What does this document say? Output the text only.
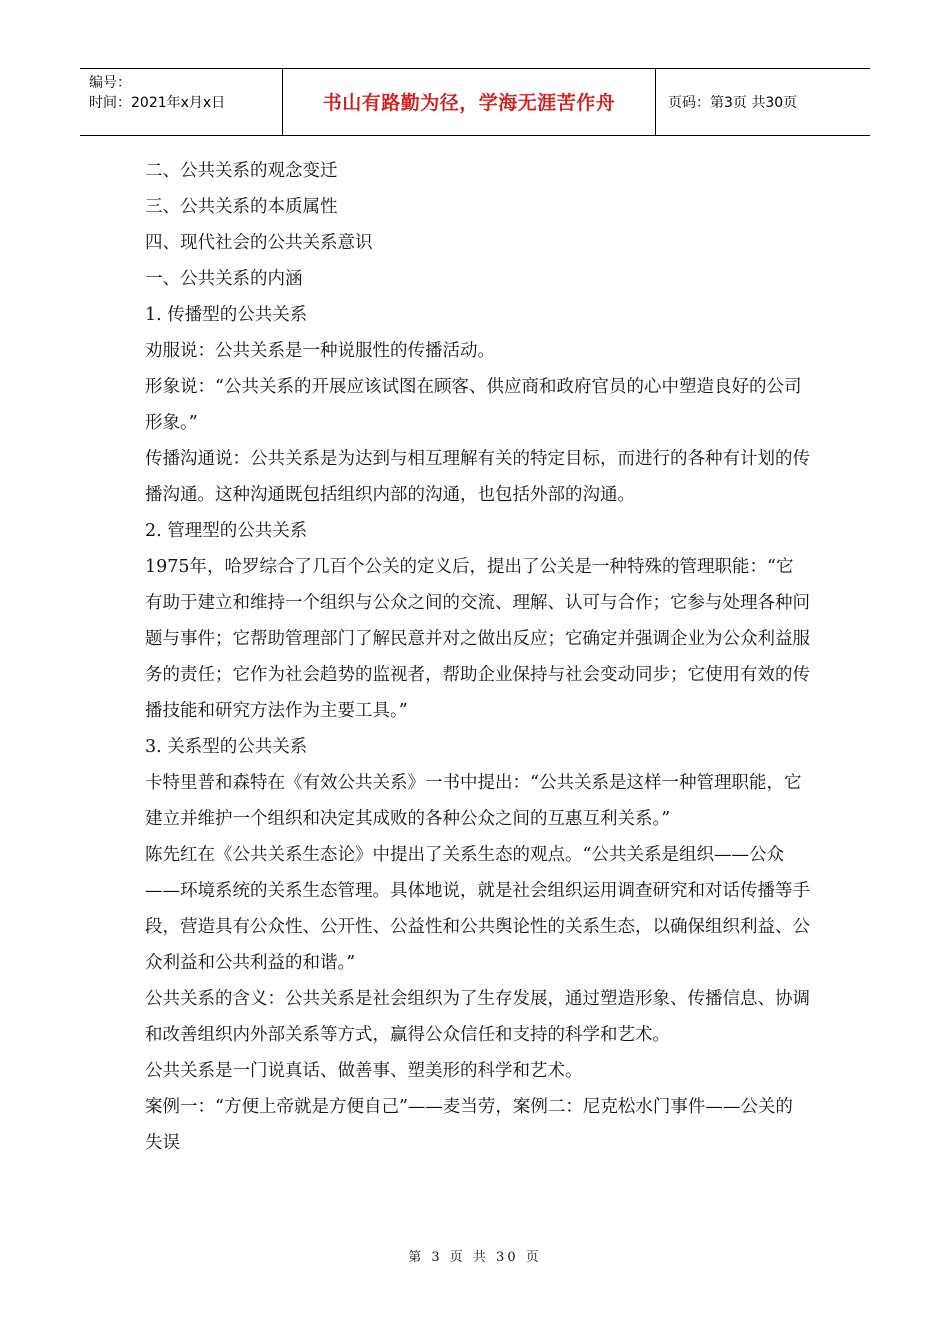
编号：
时间：2021年x月x日	书山有路勤为径，学海无涯苦作舟	页码：第3页 共30页

二、公共关系的观念变迁

三、公共关系的本质属性

四、现代社会的公共关系意识

一、公共关系的内涵

1. 传播型的公共关系

劝服说：公共关系是一种说服性的传播活动。

形象说：“公共关系的开展应该试图在顾客、供应商和政府官员的心中塑造良好的公司形象。”

传播沟通说：公共关系是为达到与相互理解有关的特定目标，而进行的各种有计划的传播沟通。这种沟通既包括组织内部的沟通，也包括外部的沟通。

2. 管理型的公共关系

1975年，哈罗综合了几百个公关的定义后，提出了公关是一种特殊的管理职能：“它有助于建立和维持一个组织与公众之间的交流、理解、认可与合作；它参与处理各种问题与事件；它帮助管理部门了解民意并对之做出反应；它确定并强调企业为公众利益服务的责任；它作为社会趋势的监视者，帮助企业保持与社会变动同步；它使用有效的传播技能和研究方法作为主要工具。”

3. 关系型的公共关系

卡特里普和森特在《有效公共关系》一书中提出：“公共关系是这样一种管理职能，它建立并维护一个组织和决定其成败的各种公众之间的互惠互利关系。”

陈先红在《公共关系生态论》中提出了关系生态的观点。“公共关系是组织——公众——环境系统的关系生态管理。具体地说，就是社会组织运用调查研究和对话传播等手段，营造具有公众性、公开性、公益性和公共舆论性的关系生态，以确保组织利益、公众利益和公共利益的和谐。”

公共关系的含义：公共关系是社会组织为了生存发展，通过塑造形象、传播信息、协调和改善组织内外部关系等方式，赢得公众信任和支持的科学和艺术。

公共关系是一门说真话、做善事、塑美形的科学和艺术。

案例一：“方便上帝就是方便自己”——麦当劳，案例二：尼克松水门事件——公关的失误

第 3 页 共 30 页
